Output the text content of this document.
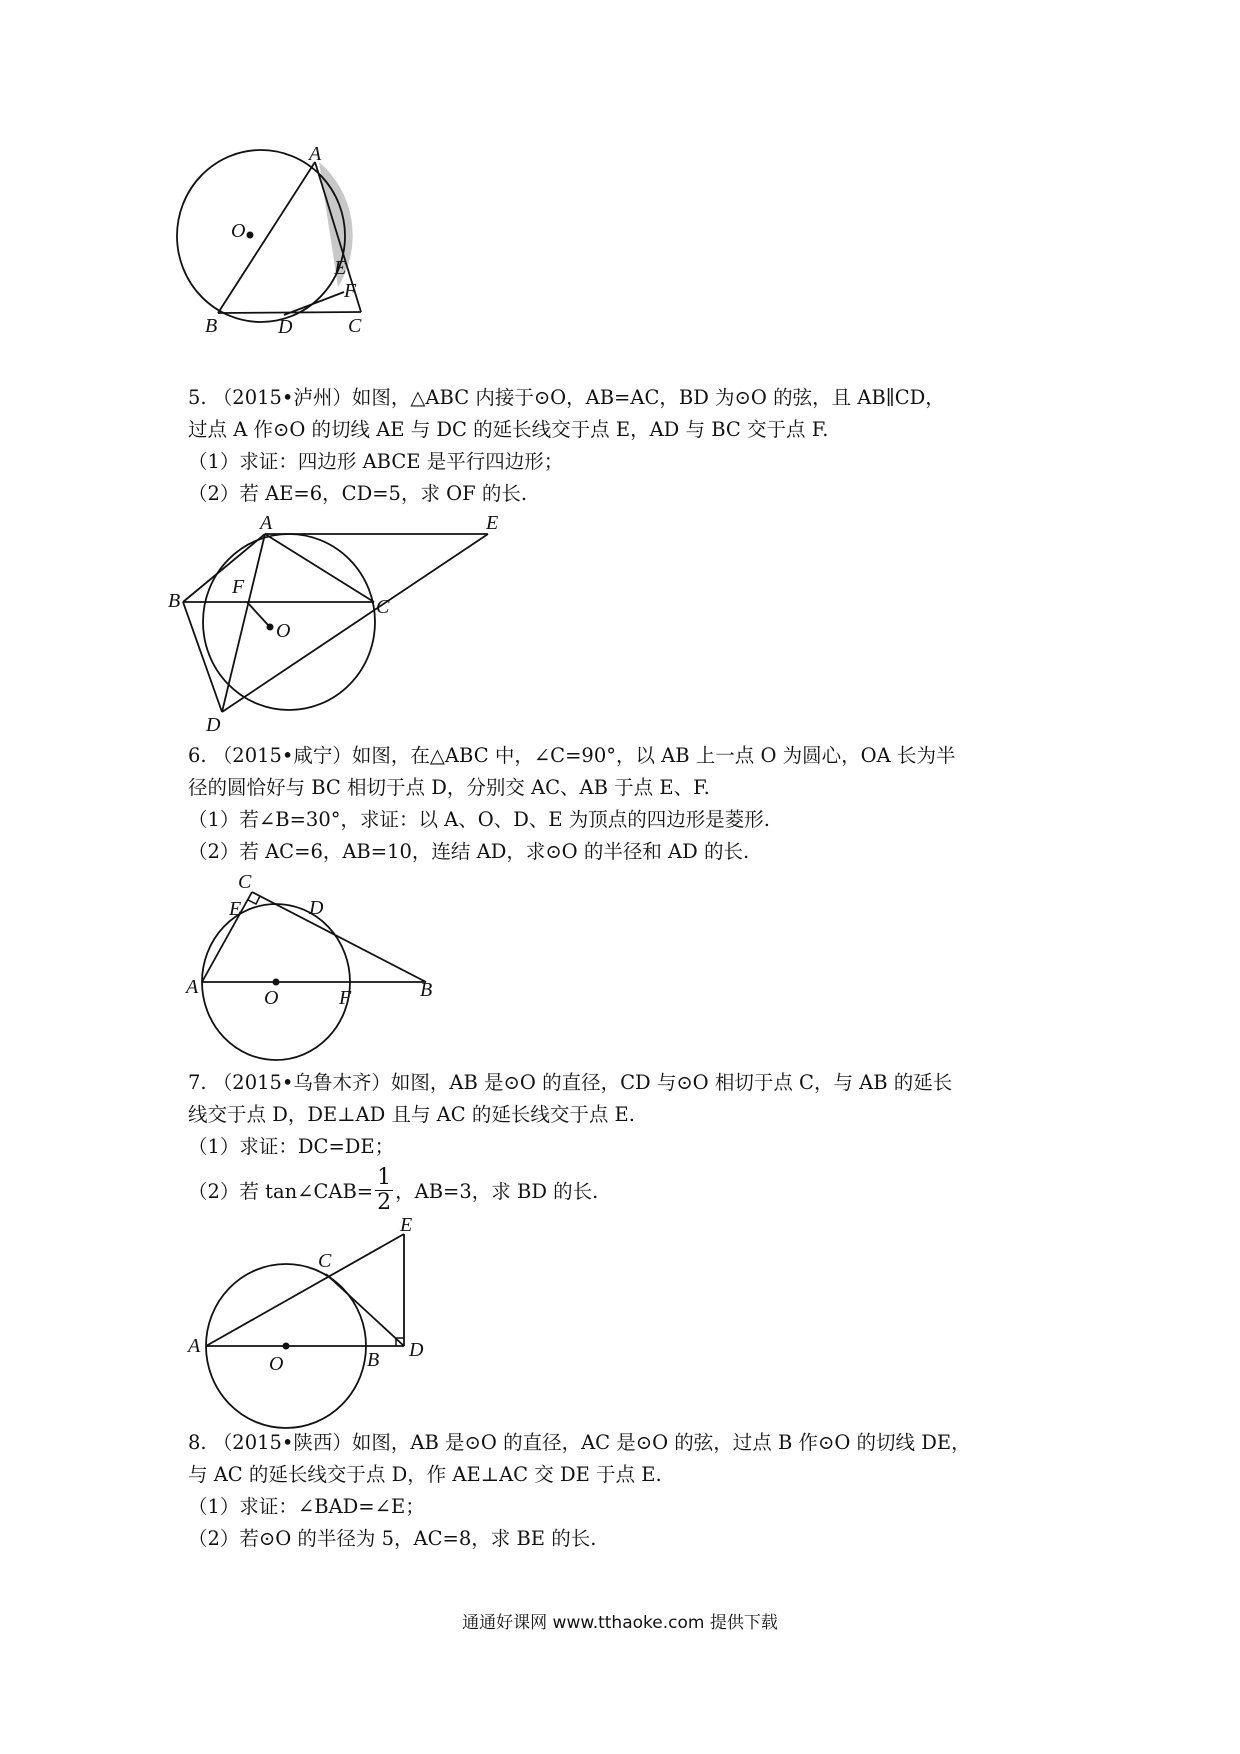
A
O
E
F
B	D	C

5. （2015•泸州）如图，△ABC 内接于⊙O，AB=AC，BD 为⊙O 的弦，且 AB∥CD，

过点 A 作⊙O 的切线 AE 与 DC 的延长线交于点 E，AD 与 BC 交于点 F.

（1）求证：四边形 ABCE 是平行四边形；

（2）若 AE=6，CD=5，求 OF 的长.

A	E
F
B	C
O
D

6. （2015•咸宁）如图，在△ABC 中，∠C=90°，以 AB 上一点 O 为圆心，OA 长为半

径的圆恰好与 BC 相切于点 D，分别交 AC、AB 于点 E、F.

（1）若∠B=30°，求证：以 A、O、D、E 为顶点的四边形是菱形.

（2）若 AC=6，AB=10，连结 AD，求⊙O 的半径和 AD 的长.

C
E	D
A	O	F	B

7. （2015•乌鲁木齐）如图，AB 是⊙O 的直径，CD 与⊙O 相切于点 C，与 AB 的延长

线交于点 D，DE⊥AD 且与 AC 的延长线交于点 E.

（1）求证：DC=DE；

（2）若 tan∠CAB= $\frac{1}{2}$ ，AB=3，求 BD 的长.

E
C
A
O	B D

8. （2015•陕西）如图，AB 是⊙O 的直径，AC 是⊙O 的弦，过点 B 作⊙O 的切线 DE，

与 AC 的延长线交于点 D，作 AE⊥AC 交 DE 于点 E.

（1）求证：∠BAD=∠E；

（2）若⊙O 的半径为 5，AC=8，求 BE 的长.

通通好课网 www.tthaoke.com 提供下载
